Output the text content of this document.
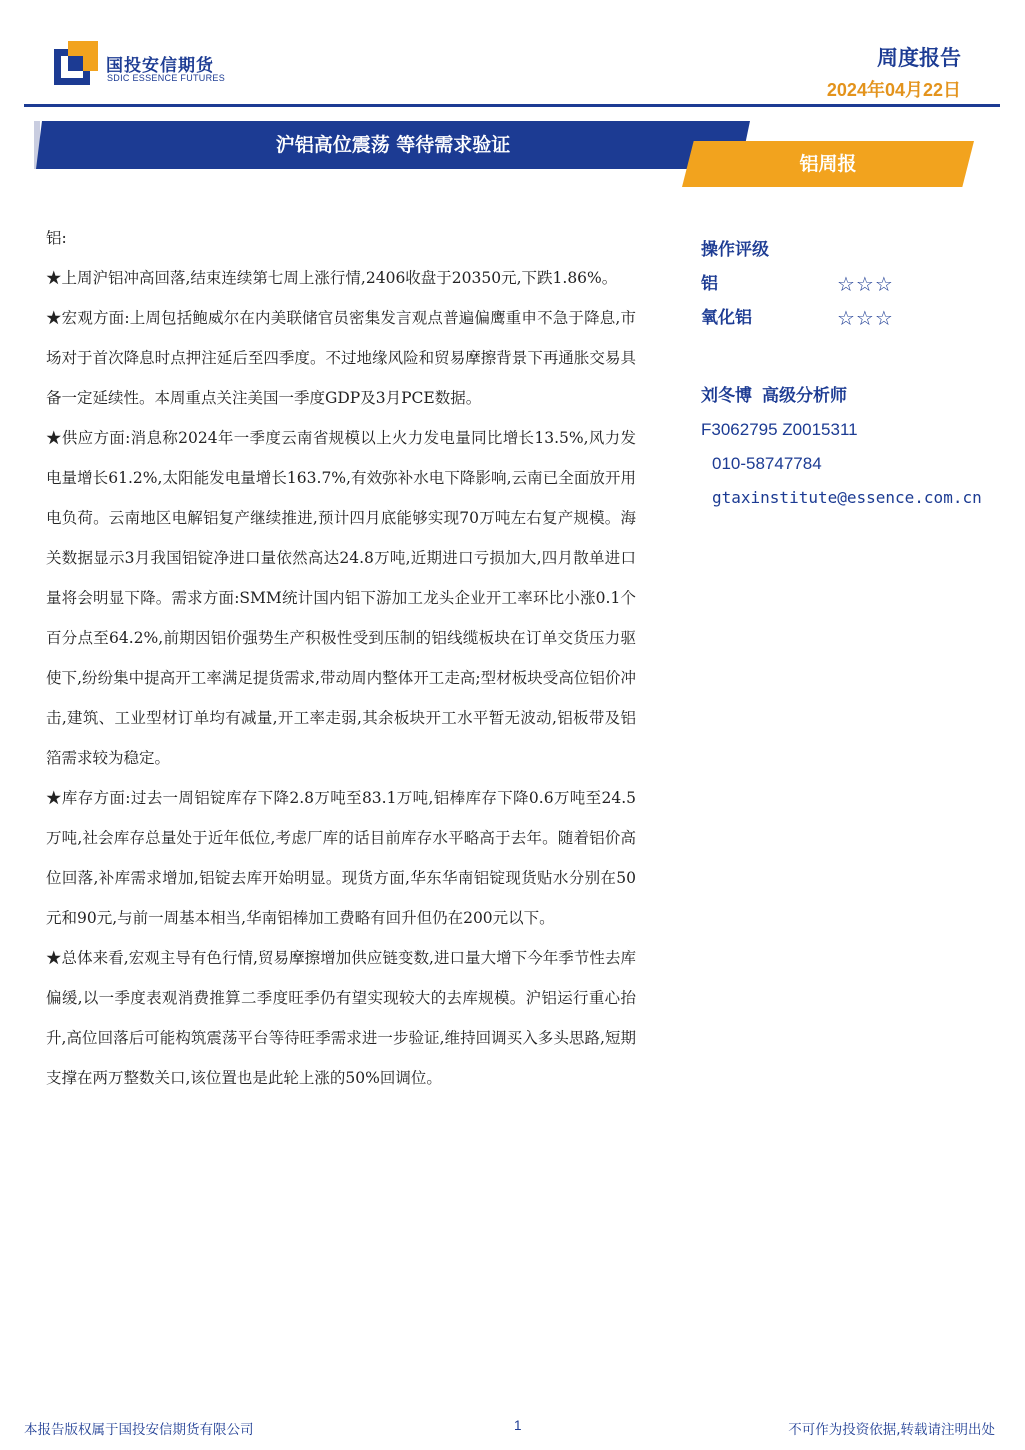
国投安信期货
SDIC ESSENCE FUTURES
周度报告
2024年04月22日
沪铝高位震荡 等待需求验证
铝周报

铝:

★上周沪铝冲高回落,结束连续第七周上涨行情,2406收盘于20350元,下跌1.86%。

★宏观方面:上周包括鲍威尔在内美联储官员密集发言观点普遍偏鹰重申不急于降息,市场对于首次降息时点押注延后至四季度。不过地缘风险和贸易摩擦背景下再通胀交易具备一定延续性。本周重点关注美国一季度GDP及3月PCE数据。

★供应方面:消息称2024年一季度云南省规模以上火力发电量同比增长13.5%,风力发电量增长61.2%,太阳能发电量增长163.7%,有效弥补水电下降影响,云南已全面放开用电负荷。云南地区电解铝复产继续推进,预计四月底能够实现70万吨左右复产规模。海关数据显示3月我国铝锭净进口量依然高达24.8万吨,近期进口亏损加大,四月散单进口量将会明显下降。需求方面:SMM统计国内铝下游加工龙头企业开工率环比小涨0.1个百分点至64.2%,前期因铝价强势生产积极性受到压制的铝线缆板块在订单交货压力驱使下,纷纷集中提高开工率满足提货需求,带动周内整体开工走高;型材板块受高位铝价冲击,建筑、工业型材订单均有减量,开工率走弱,其余板块开工水平暂无波动,铝板带及铝箔需求较为稳定。

★库存方面:过去一周铝锭库存下降2.8万吨至83.1万吨,铝棒库存下降0.6万吨至24.5万吨,社会库存总量处于近年低位,考虑厂库的话目前库存水平略高于去年。随着铝价高位回落,补库需求增加,铝锭去库开始明显。现货方面,华东华南铝锭现货贴水分别在50元和90元,与前一周基本相当,华南铝棒加工费略有回升但仍在200元以下。

★总体来看,宏观主导有色行情,贸易摩擦增加供应链变数,进口量大增下今年季节性去库偏缓,以一季度表观消费推算二季度旺季仍有望实现较大的去库规模。沪铝运行重心抬升,高位回落后可能构筑震荡平台等待旺季需求进一步验证,维持回调买入多头思路,短期支撑在两万整数关口,该位置也是此轮上涨的50%回调位。

操作评级
铝	☆☆☆
氧化铝	☆☆☆
刘冬博 高级分析师
F3062795 Z0015311
010-58747784
gtaxinstitute@essence.com.cn
本报告版权属于国投安信期货有限公司	1	不可作为投资依据,转载请注明出处
